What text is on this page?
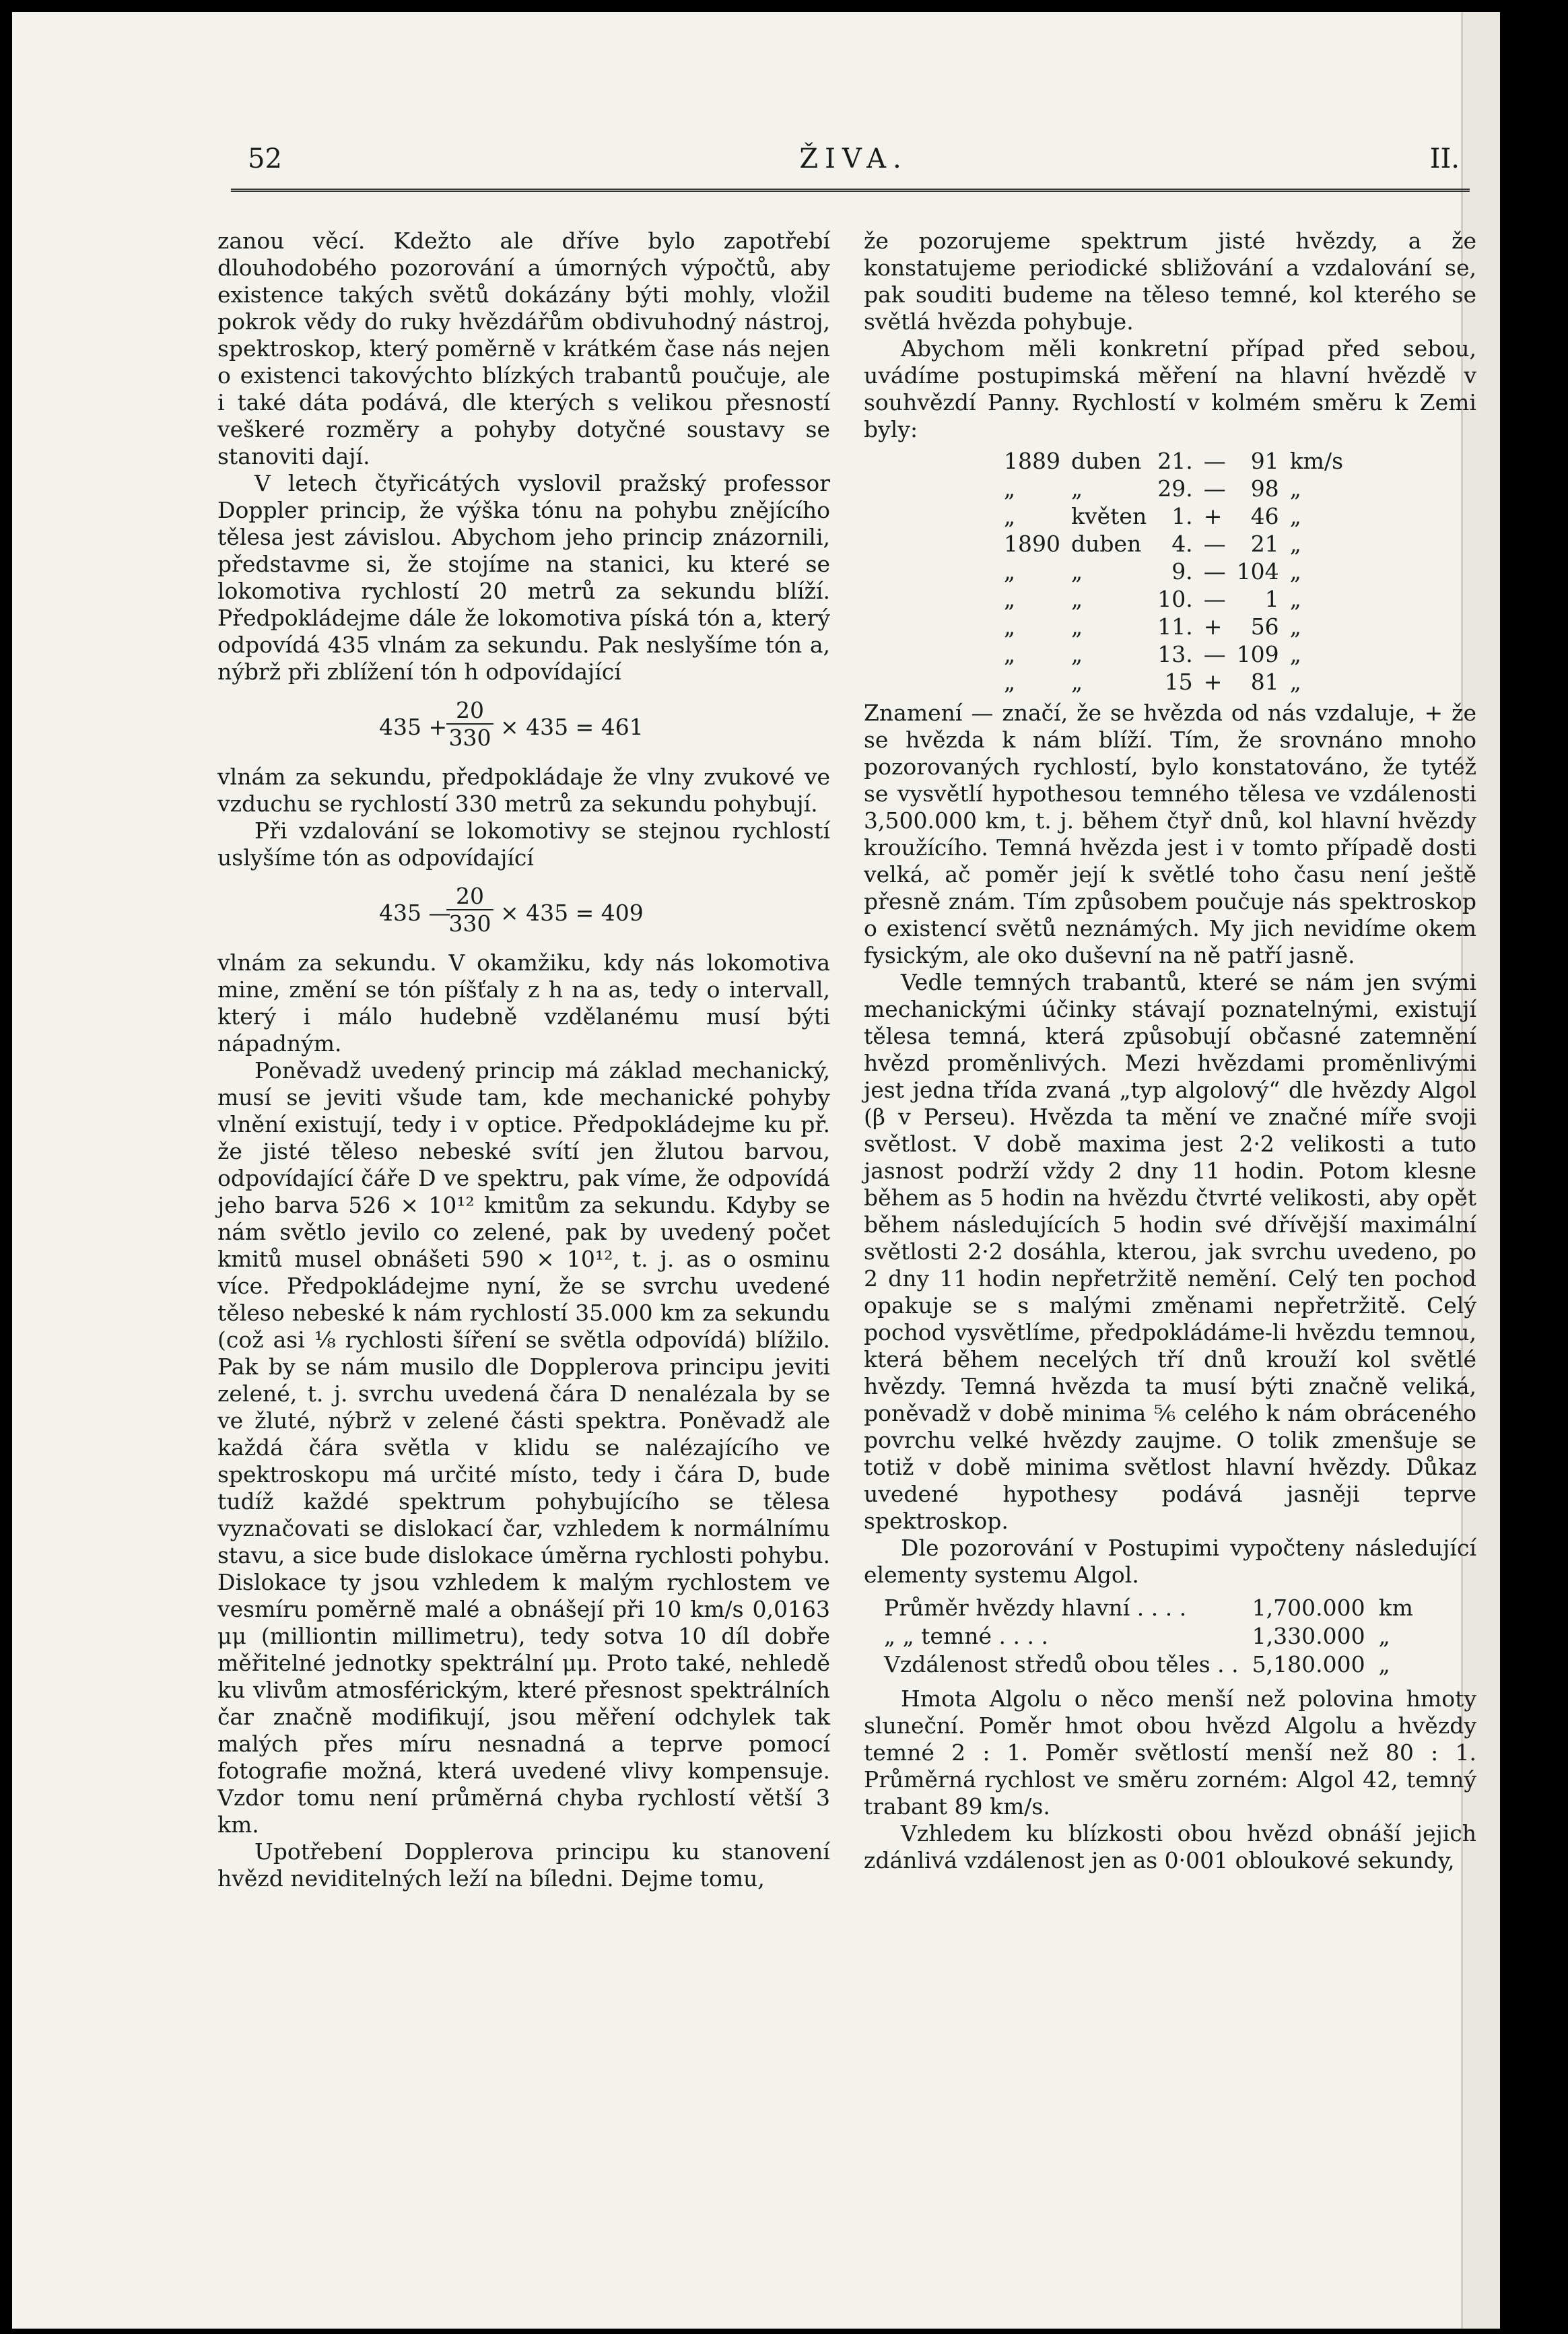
52	ŽIVA.	II.

zanou věcí. Kdežto ale dříve bylo zapotřebí dlouhodobého pozorování a úmorných výpočtů, aby existence takých světů dokázány býti mohly, vložil pokrok vědy do ruky hvězdářům obdivuhodný nástroj, spektroskop, který poměrně v krátkém čase nás nejen o existenci takovýchto blízkých trabantů poučuje, ale i také dáta podává, dle kterých s velikou přesností veškeré rozměry a pohyby dotyčné soustavy se stanoviti dají.

V letech čtyřicátých vyslovil pražský professor Doppler princip, že výška tónu na pohybu znějícího tělesa jest závislou. Abychom jeho princip znázornili, představme si, že stojíme na stanici, ku které se lokomotiva rychlostí 20 metrů za sekundu blíží. Předpokládejme dále že lokomotiva píská tón a, který odpovídá 435 vlnám za sekundu. Pak neslyšíme tón a, nýbrž při zblížení tón h odpovídající

435 +
$\frac{20}{330} \times 435 = 461$

vlnám za sekundu, předpokládaje že vlny zvukové ve vzduchu se rychlostí 330 metrů za sekundu pohybují.

Při vzdalování se lokomotivy se stejnou rychlostí uslyšíme tón as odpovídající

435 —
$\frac{20}{330} \times 435 = 409$

vlnám za sekundu. V okamžiku, kdy nás lokomotiva mine, změní se tón píšťaly z h na as, tedy o intervall, který i málo hudebně vzdělanému musí býti nápadným.

Poněvadž uvedený princip má základ mechanický, musí se jeviti všude tam, kde mechanické pohyby vlnění existují, tedy i v optice. Předpokládejme ku př. že jisté těleso nebeské svítí jen žlutou barvou, odpovídající čáře D ve spektru, pak víme, že odpovídá jeho barva 526 × 10¹² kmitům za sekundu. Kdyby se nám světlo jevilo co zelené, pak by uvedený počet kmitů musel obnášeti 590 × 10¹², t. j. as o osminu více. Předpokládejme nyní, že se svrchu uvedené těleso nebeské k nám rychlostí 35.000 km za sekundu (což asi ⅛ rychlosti šíření se světla odpovídá) blížilo. Pak by se nám musilo dle Dopplerova principu jeviti zelené, t. j. svrchu uvedená čára D nenalézala by se ve žluté, nýbrž v zelené části spektra. Poněvadž ale každá čára světla v klidu se nalézajícího ve spektroskopu má určité místo, tedy i čára D, bude tudíž každé spektrum pohybujícího se tělesa vyznačovati se dislokací čar, vzhledem k normálnímu stavu, a sice bude dislokace úměrna rychlosti pohybu. Dislokace ty jsou vzhledem k malým rychlostem ve vesmíru poměrně malé a obnášejí při 10 km/s 0,0163 μμ (milliontin millimetru), tedy sotva 10 díl dobře měřitelné jednotky spektrální μμ. Proto také, nehledě ku vlivům atmosférickým, které přesnost spektrálních čar značně modifikují, jsou měření odchylek tak malých přes míru nesnadná a teprve pomocí fotografie možná, která uvedené vlivy kompensuje. Vzdor tomu není průměrná chyba rychlostí větší 3 km.

Upotřebení Dopplerova principu ku stanovení hvězd neviditelných leží na bíledni. Dejme tomu,

že pozorujeme spektrum jisté hvězdy, a že konstatujeme periodické sbližování a vzdalování se, pak souditi budeme na těleso temné, kol kterého se světlá hvězda pohybuje.

Abychom měli konkretní případ před sebou, uvádíme postupimská měření na hlavní hvězdě v souhvězdí Panny. Rychlostí v kolmém směru k Zemi byly:

1889	duben	21.	—	91	km/s
„	„	29.	—	98	„
„	květen	1.	+	46	„
1890	duben	4.	—	21	„
„	„	9.	—	104	„
„	„	10.	—	1	„
„	„	11.	+	56	„
„	„	13.	—	109	„
„	„	15	+	81	„

Znamení — značí, že se hvězda od nás vzdaluje, + že se hvězda k nám blíží. Tím, že srovnáno mnoho pozorovaných rychlostí, bylo konstatováno, že tytéž se vysvětlí hypothesou temného tělesa ve vzdálenosti 3,500.000 km, t. j. během čtyř dnů, kol hlavní hvězdy kroužícího. Temná hvězda jest i v tomto případě dosti velká, ač poměr její k světlé toho času není ještě přesně znám. Tím způsobem poučuje nás spektroskop o existencí světů neznámých. My jich nevidíme okem fysickým, ale oko duševní na ně patří jasně.

Vedle temných trabantů, které se nám jen svými mechanickými účinky stávají poznatelnými, existují tělesa temná, která způsobují občasné zatemnění hvězd proměnlivých. Mezi hvězdami proměnlivými jest jedna třída zvaná „typ algolový“ dle hvězdy Algol (β v Perseu). Hvězda ta mění ve značné míře svoji světlost. V době maxima jest 2·2 velikosti a tuto jasnost podrží vždy 2 dny 11 hodin. Potom klesne během as 5 hodin na hvězdu čtvrté velikosti, aby opět během následujících 5 hodin své dřívější maximální světlosti 2·2 dosáhla, kterou, jak svrchu uvedeno, po 2 dny 11 hodin nepřetržitě nemění. Celý ten pochod opakuje se s malými změnami nepřetržitě. Celý pochod vysvětlíme, předpokládáme-li hvězdu temnou, která během necelých tří dnů krouží kol světlé hvězdy. Temná hvězda ta musí býti značně veliká, poněvadž v době minima ⅚ celého k nám obráceného povrchu velké hvězdy zaujme. O tolik zmenšuje se totiž v době minima světlost hlavní hvězdy. Důkaz uvedené hypothesy podává jasněji teprve spektroskop.

Dle pozorování v Postupimi vypočteny následující elementy systemu Algol.

Průměr hvězdy hlavní . . . .	1,700.000	km
„ „ temné . . . .	1,330.000	„
Vzdálenost středů obou těles . .	5,180.000	„

Hmota Algolu o něco menší než polovina hmoty sluneční. Poměr hmot obou hvězd Algolu a hvězdy temné 2 : 1. Poměr světlostí menší než 80 : 1. Průměrná rychlost ve směru zorném: Algol 42, temný trabant 89 km/s.

Vzhledem ku blízkosti obou hvězd obnáší jejich zdánlivá vzdálenost jen as 0·001 obloukové sekundy,
